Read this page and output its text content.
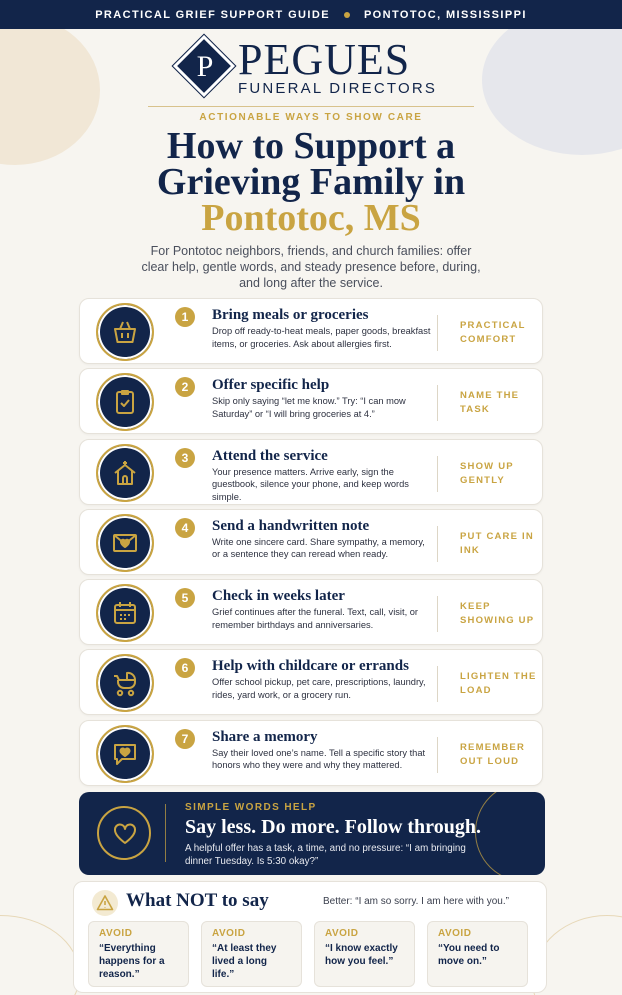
PRACTICAL GRIEF SUPPORT GUIDE	PONTOTOC, MISSISSIPPI
P PEGUES
FUNERAL DIRECTORS
ACTIONABLE WAYS TO SHOW CARE
How to Support a
Grieving Family in
Pontotoc, MS
For Pontotoc neighbors, friends, and church families: offer clear help, gentle words, and steady presence before, during, and long after the service.
1	Bring meals or groceries
Drop off ready-to-heat meals, paper goods, breakfast items, or groceries. Ask about allergies first.
PRACTICAL COMFORT
2	Offer specific help
Skip only saying “let me know.” Try: “I can mow Saturday” or “I will bring groceries at 4.”
NAME THE TASK
3	Attend the service
Your presence matters. Arrive early, sign the guestbook, silence your phone, and keep words simple.
SHOW UP GENTLY
4	Send a handwritten note
Write one sincere card. Share sympathy, a memory, or a sentence they can reread when ready.
PUT CARE IN INK
5	Check in weeks later
Grief continues after the funeral. Text, call, visit, or remember birthdays and anniversaries.
KEEP SHOWING UP
6	Help with childcare or errands
Offer school pickup, pet care, prescriptions, laundry, rides, yard work, or a grocery run.
LIGHTEN THE LOAD
7	Share a memory
Say their loved one’s name. Tell a specific story that honors who they were and why they mattered.
REMEMBER OUT LOUD
SIMPLE WORDS HELP
Say less. Do more. Follow through.
A helpful offer has a task, a time, and no pressure: “I am bringing dinner Tuesday. Is 5:30 okay?”
What NOT to say	Better: “I am so sorry. I am here with you.”
AVOID
“Everything happens for a reason.”
AVOID
“At least they lived a long life.”
AVOID
“I know exactly how you feel.”
AVOID
“You need to move on.”
